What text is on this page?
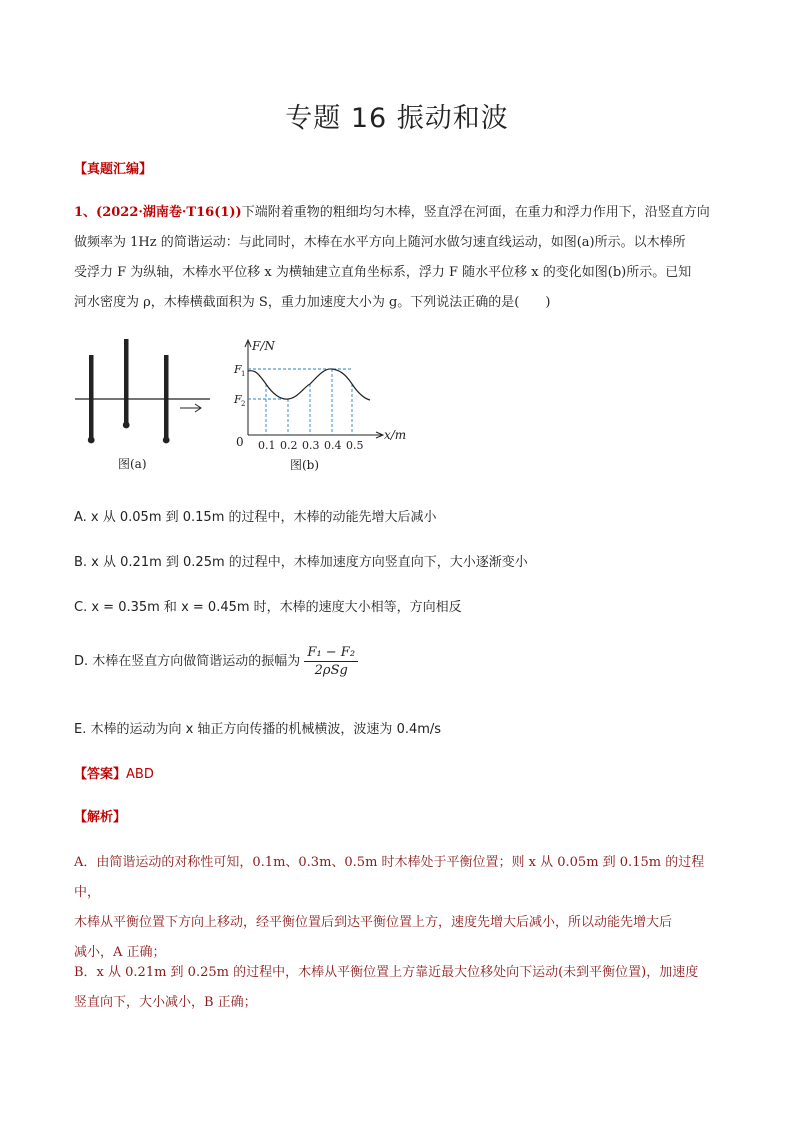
专题 16 振动和波
【真题汇编】
1、(2022·湖南卷·T16(1))下端附着重物的粗细均匀木棒，竖直浮在河面，在重力和浮力作用下，沿竖直方向
做频率为 1Hz 的简谐运动：与此同时，木棒在水平方向上随河水做匀速直线运动，如图(a)所示。以木棒所
受浮力 F 为纵轴，木棒水平位移 x 为横轴建立直角坐标系，浮力 F 随水平位移 x 的变化如图(b)所示。已知
河水密度为 ρ，木棒横截面积为 S，重力加速度大小为 g。下列说法正确的是(　　)
图(a)
F/N
x/m
0
F 1
F 2
0.1 0.2 0.3 0.4 0.5
图(b)
A. x 从 0.05m 到 0.15m 的过程中，木棒的动能先增大后减小
B. x 从 0.21m 到 0.25m 的过程中，木棒加速度方向竖直向下，大小逐渐变小
C. x = 0.35m 和 x = 0.45m 时，木棒的速度大小相等，方向相反
D. 木棒在竖直方向做简谐运动的振幅为 $\frac{\text{F₁ − F₂}}{\text{2ρSg}}$
E. 木棒的运动为向 x 轴正方向传播的机械横波，波速为 0.4m/s
【答案】ABD
【解析】
A．由简谐运动的对称性可知，0.1m、0.3m、0.5m 时木棒处于平衡位置；则 x 从 0.05m 到 0.15m 的过程中，
木棒从平衡位置下方向上移动，经平衡位置后到达平衡位置上方，速度先增大后减小，所以动能先增大后
减小，A 正确；
B．x 从 0.21m 到 0.25m 的过程中，木棒从平衡位置上方靠近最大位移处向下运动(未到平衡位置)，加速度
竖直向下，大小减小，B 正确；
